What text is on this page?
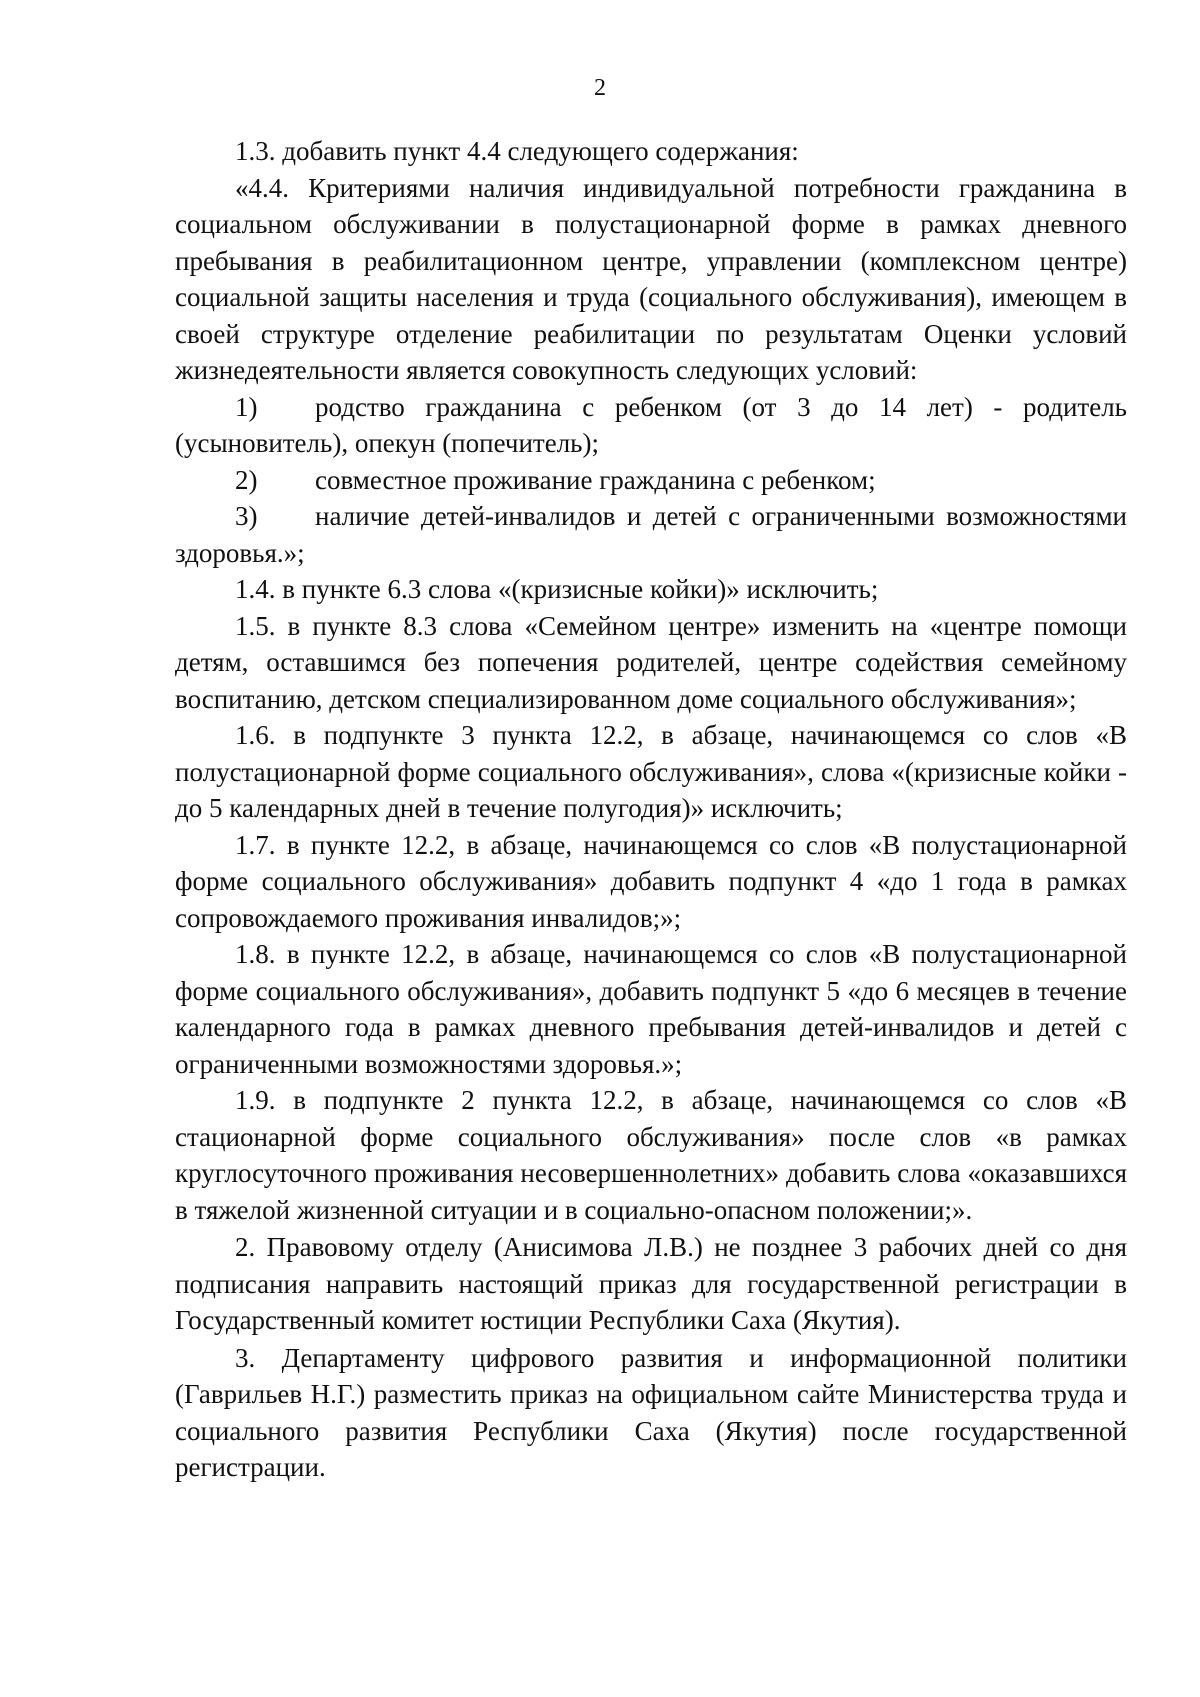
2

1.3. добавить пункт 4.4 следующего содержания:

«4.4. Критериями наличия индивидуальной потребности гражданина в социальном обслуживании в полустационарной форме в рамках дневного пребывания в реабилитационном центре, управлении (комплексном центре) социальной защиты населения и труда (социального обслуживания), имеющем в своей структуре отделение реабилитации по результатам Оценки условий жизнедеятельности является совокупность следующих условий:

1) родство гражданина с ребенком (от 3 до 14 лет) - родитель (усыновитель), опекун (попечитель);

2) совместное проживание гражданина с ребенком;

3) наличие детей-инвалидов и детей с ограниченными возможностями здоровья.»;

1.4. в пункте 6.3 слова «(кризисные койки)» исключить;

1.5. в пункте 8.3 слова «Семейном центре» изменить на «центре помощи детям, оставшимся без попечения родителей, центре содействия семейному воспитанию, детском специализированном доме социального обслуживания»;

1.6. в подпункте 3 пункта 12.2, в абзаце, начинающемся со слов «В полустационарной форме социального обслуживания», слова «(кризисные койки - до 5 календарных дней в течение полугодия)» исключить;

1.7. в пункте 12.2, в абзаце, начинающемся со слов «В полустационарной форме социального обслуживания» добавить подпункт 4 «до 1 года в рамках сопровождаемого проживания инвалидов;»;

1.8. в пункте 12.2, в абзаце, начинающемся со слов «В полустационарной форме социального обслуживания», добавить подпункт 5 «до 6 месяцев в течение календарного года в рамках дневного пребывания детей-инвалидов и детей с ограниченными возможностями здоровья.»;

1.9. в подпункте 2 пункта 12.2, в абзаце, начинающемся со слов «В стационарной форме социального обслуживания» после слов «в рамках круглосуточного проживания несовершеннолетних» добавить слова «оказавшихся в тяжелой жизненной ситуации и в социально-опасном положении;».

2. Правовому отделу (Анисимова Л.В.) не позднее 3 рабочих дней со дня подписания направить настоящий приказ для государственной регистрации в Государственный комитет юстиции Республики Саха (Якутия).

3. Департаменту цифрового развития и информационной политики (Гаврильев Н.Г.) разместить приказ на официальном сайте Министерства труда и социального развития Республики Саха (Якутия) после государственной регистрации.
